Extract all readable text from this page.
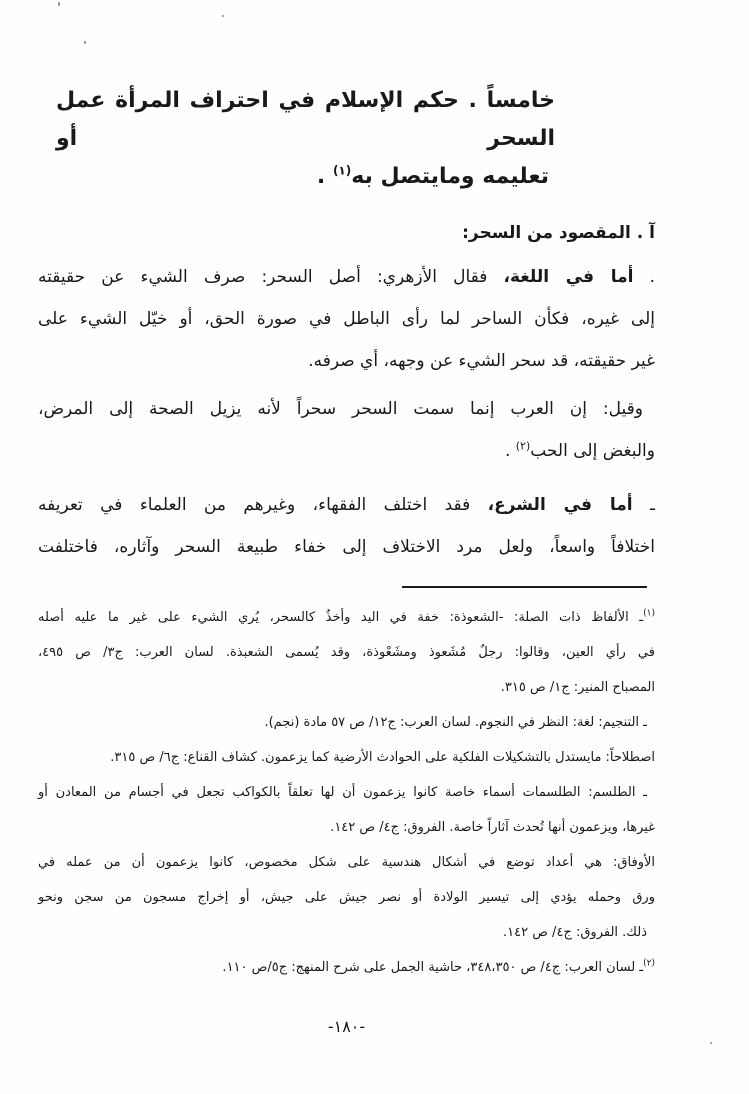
خامساً . حكم الإسلام في احتراف المرأة عمل السحر أو
تعليمه ومايتصل به$^{(١)}$ .
آ . المقصود من السحر:
. أما في اللغة، فقال الأزهري: أصل السحر: صرف الشيء عن حقيقته
إلى غيره، فكأن الساحر لما رأى الباطل في صورة الحق، أو خيّل الشيء على
غير حقيقته، قد سحر الشيء عن وجهه، أي صرفه.
وقيل: إن العرب إنما سمت السحر سحراً لأنه يزيل الصحة إلى المرض،
والبغض إلى الحب$^{(٢)}$ .
ـ أما في الشرع، فقد اختلف الفقهاء، وغيرهم من العلماء في تعريفه
اختلافاً واسعاً، ولعل مرد الاختلاف إلى خفاء طبيعة السحر وآثاره، فاختلفت
$^{(١)}$ـ الألفاظ ذات الصلة: -الشعوذة: خفة في اليد وأخذٌ كالسحر، يُري الشيء على غير ما عليه أصله
في رأي العين، وقالوا: رجلٌ مُشَعوذ ومشَعْوذة، وقد يُسمى الشعبذة. لسان العرب: ج٣/ ص ٤٩٥،
المصباح المنير: ج١/ ص ٣١٥.
ـ التنجيم: لغة: النظر في النجوم. لسان العرب: ج١٢/ ص ٥٧ مادة (نجم).
اصطلاحاً: مايستدل بالتشكيلات الفلكية على الحوادث الأرضية كما يزعمون. كشاف القناع: ج٦/ ص ٣١٥.
ـ الطلسم: الطلسمات أسماء خاصة كانوا يزعمون أن لها تعلقاً بالكواكب تجعل في أجسام من المعادن أو
غيرها، ويزعمون أنها تُحدث آثاراً خاصة. الفروق: ج٤/ ص ١٤٢.
الأوفاق: هي أعداد توضع في أشكال هندسية على شكل مخصوص، كانوا يزعمون أن من عمله في
ورق وحمله يؤدي إلى تيسير الولادة أو نصر جيش على جيش، أو إخراج مسجون من سجن ونحو
ذلك. الفروق: ج٤/ ص ١٤٢.
$^{(٢)}$ـ لسان العرب: ج٤/ ص ٣٤٨،٣٥٠، حاشية الجمل على شرح المنهج: ج٥/ص ١١٠.
-١٨٠-
